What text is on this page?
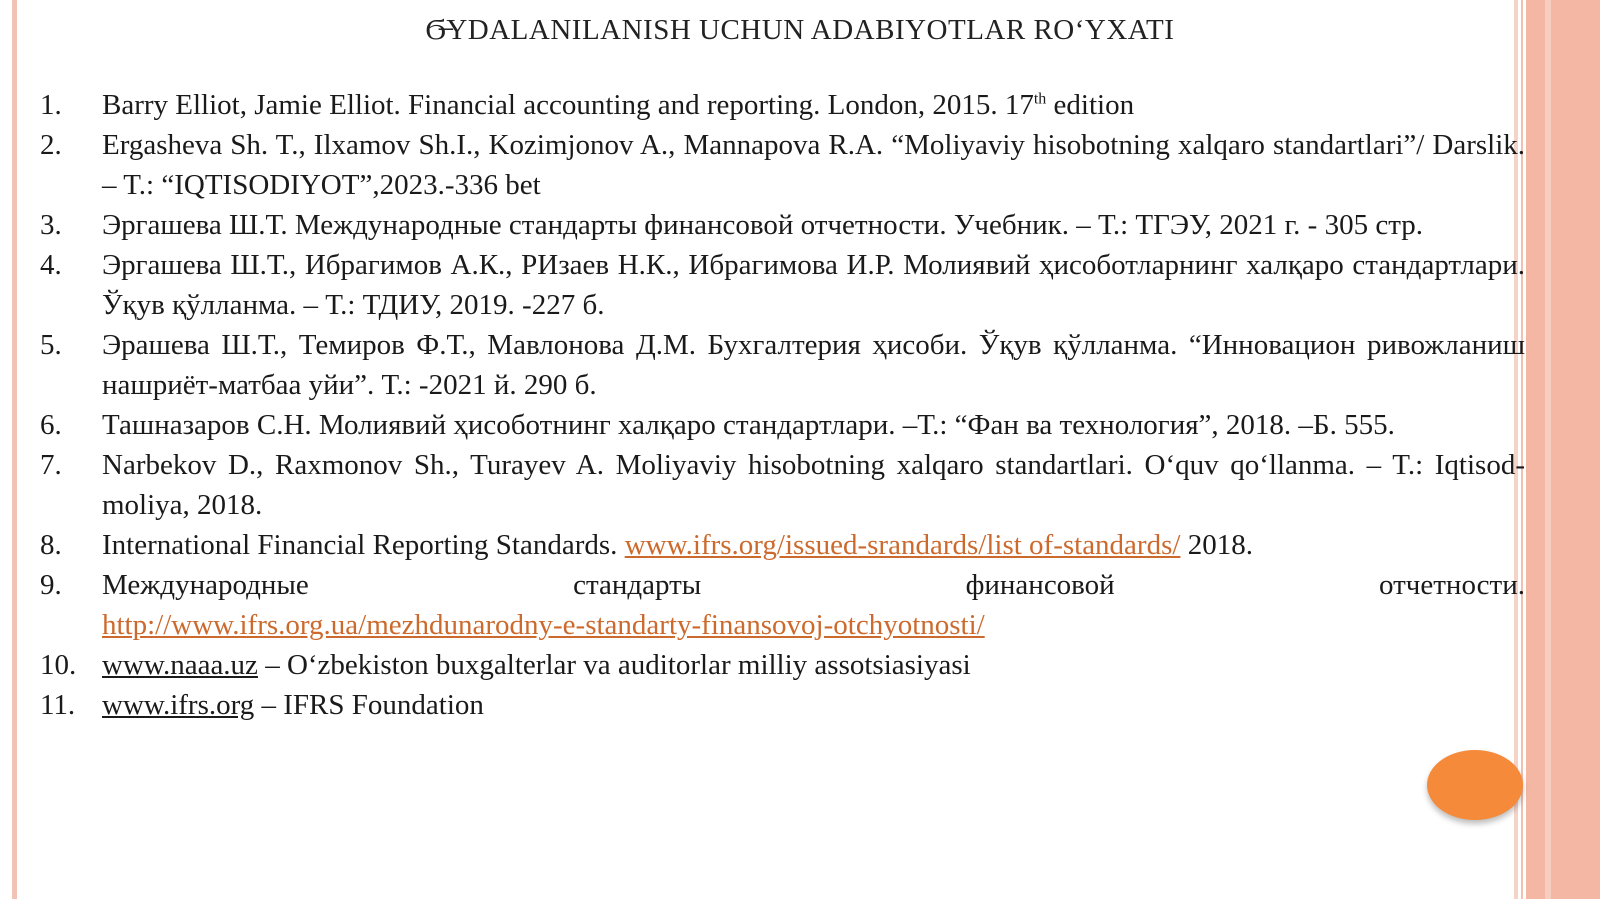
Ϭ̶YDALANILANISH UCHUN ADABIYOTLAR RO‘YXATI
1.	Barry Elliot, Jamie Elliot. Financial accounting and reporting. London, 2015. 17th edition
2.	Ergasheva Sh. T., Ilxamov Sh.I., Kozimjonov A., Mannapova R.A. “Moliyaviy hisobotning xalqaro standartlari”/ Darslik. – T.: “IQTISODIYOT”,2023.-336 bet
3.	Эргашева Ш.Т. Международные стандарты финансовой отчетности. Учебник. – Т.: ТГЭУ, 2021 г. - 305 стр.
4.	Эргашева Ш.Т., Ибрагимов А.К., РИзаев Н.К., Ибрагимова И.Р. Молиявий ҳисоботларнинг халқаро стандартлари. Ўқув қўлланма. – Т.: ТДИУ, 2019. -227 б.
5.	Эрашева Ш.Т., Темиров Ф.Т., Мавлонова Д.М. Бухгалтерия ҳисоби. Ўқув қўлланма. “Инновацион ривожланиш нашриёт-матбаа уйи”. Т.: -2021 й. 290 б.
6.	Ташназаров С.Н. Молиявий ҳисоботнинг халқаро стандартлари. –Т.: “Фан ва технология”, 2018. –Б. 555.
7.	Narbekov D., Raxmonov Sh., Turayev A. Moliyaviy hisobotning xalqaro standartlari. O‘quv qo‘llanma. – T.: Iqtisod-moliya, 2018.
8.	International Financial Reporting Standards. www.ifrs.org/issued-srandards/list of-standards/ 2018.
9.	Международные	стандарты	финансовой	отчетности.
http://www.ifrs.org.ua/mezhdunarodny-e-standarty-finansovoj-otchyotnosti/
10. www.naaa.uz – O‘zbekiston buxgalterlar va auditorlar milliy assotsiasiyasi
11. www.ifrs.org – IFRS Foundation
